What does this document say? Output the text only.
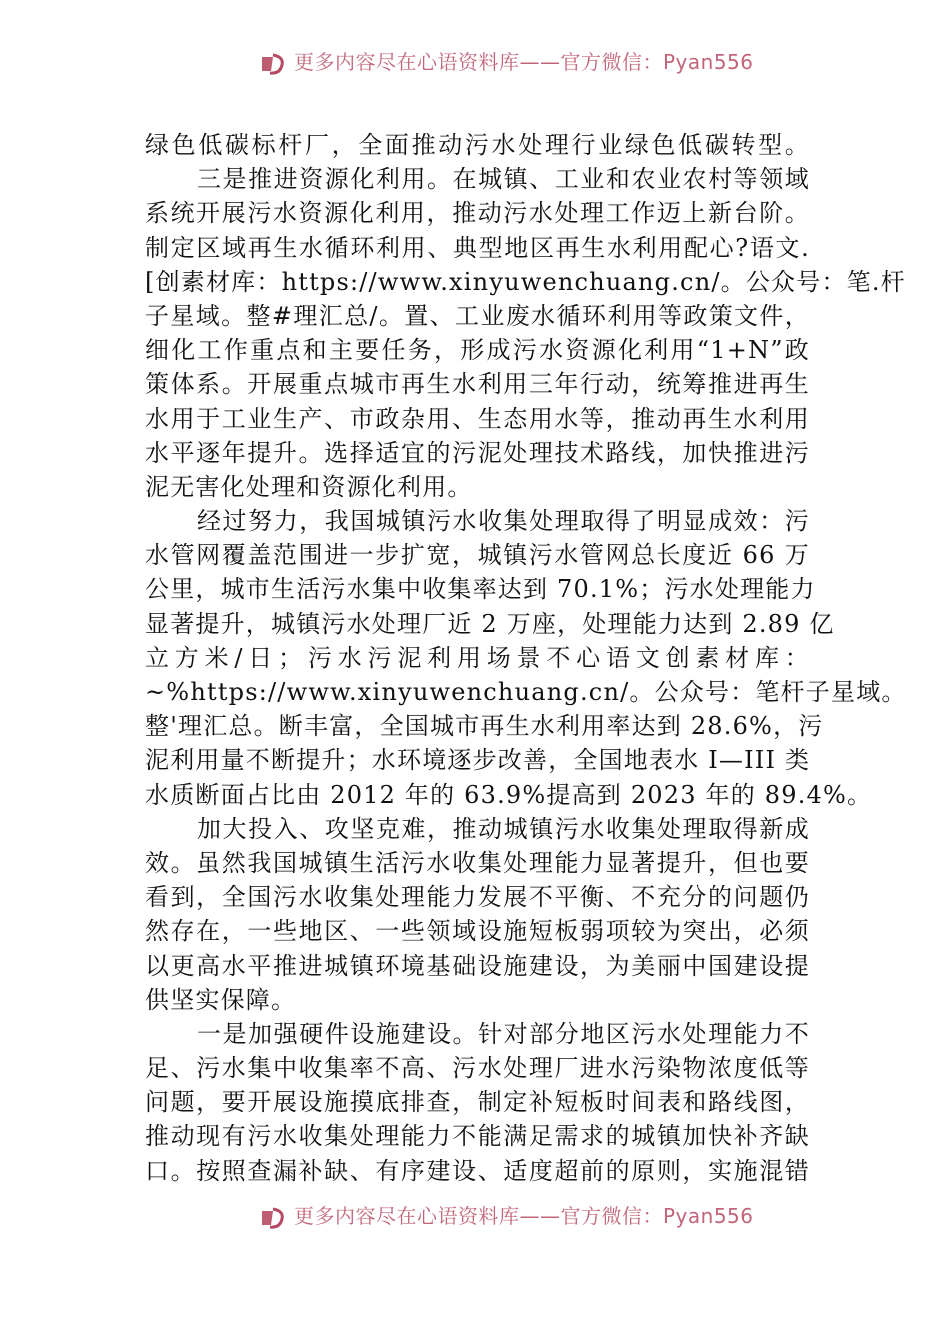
更多内容尽在心语资料库——官方微信：Pyan556
绿色低碳标杆厂，全面推动污水处理行业绿色低碳转型。
三是推进资源化利用。在城镇、工业和农业农村等领域
系统开展污水资源化利用，推动污水处理工作迈上新台阶。
制定区域再生水循环利用、典型地区再生水利用配心?语文.
[创素材库：https://www.xinyuwenchuang.cn/。公众号：笔.杆
子星域。整#理汇总/。置、工业废水循环利用等政策文件，
细化工作重点和主要任务，形成污水资源化利用“1+N”政
策体系。开展重点城市再生水利用三年行动，统筹推进再生
水用于工业生产、市政杂用、生态用水等，推动再生水利用
水平逐年提升。选择适宜的污泥处理技术路线，加快推进污
泥无害化处理和资源化利用。
经过努力，我国城镇污水收集处理取得了明显成效：污
水管网覆盖范围进一步扩宽，城镇污水管网总长度近 66 万
公里，城市生活污水集中收集率达到 70.1%；污水处理能力
显著提升，城镇污水处理厂近 2 万座，处理能力达到 2.89 亿
立方米/日；污水污泥利用场景不心语文创素材库：
~%https://www.xinyuwenchuang.cn/。公众号：笔杆子星域。
整'理汇总。断丰富，全国城市再生水利用率达到 28.6%，污
泥利用量不断提升；水环境逐步改善，全国地表水 I—III 类
水质断面占比由 2012 年的 63.9%提高到 2023 年的 89.4%。
加大投入、攻坚克难，推动城镇污水收集处理取得新成
效。虽然我国城镇生活污水收集处理能力显著提升，但也要
看到，全国污水收集处理能力发展不平衡、不充分的问题仍
然存在，一些地区、一些领域设施短板弱项较为突出，必须
以更高水平推进城镇环境基础设施建设，为美丽中国建设提
供坚实保障。
一是加强硬件设施建设。针对部分地区污水处理能力不
足、污水集中收集率不高、污水处理厂进水污染物浓度低等
问题，要开展设施摸底排查，制定补短板时间表和路线图，
推动现有污水收集处理能力不能满足需求的城镇加快补齐缺
口。按照查漏补缺、有序建设、适度超前的原则，实施混错
更多内容尽在心语资料库——官方微信：Pyan556
